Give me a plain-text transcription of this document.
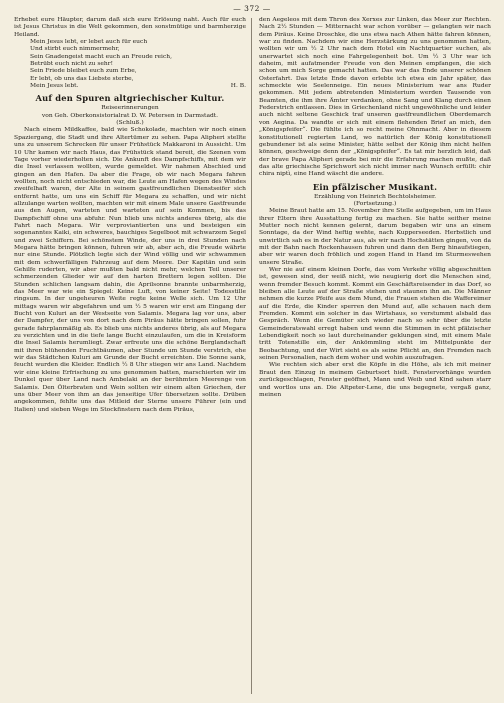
— 372 —

Erhebet eure Häupter, darum daß sich eure Erlösung naht. Auch für euch ist Jesus Christus in die Welt gekommen, den sonstmütige und barmherzige Heiland.

Mein Jesus lebt, er lebet auch für euch
Und stirbt euch nimmermehr,
Sein Gnadengeist macht euch an Freude reich,
Betrübt euch nicht zu sehr!
Sein Friede bleibet euch zum Erbe,
Er lebt, ob uns das Liebste sterbe,
Mein Jesus lebt.	H. B.
Auf den Spuren altgriechischer Kultur.
Reiseerinnerungen
von Geh. Oberkonsistorialrat D. W. Petersen in Darmstadt.
(Schluß.)

Nach einem Mildkaffee, bald wie Schokolade, machten wir noch einen Spaziergang, die Stadt und ihre Altertümer zu sehen. Papa Alipheri stellte uns zu unserem Schrecken für unser Frühstück Makkaroni in Aussicht. Um 10 Uhr kamen wir nach Haus, das Frühstück stand bereit, die Szenen vom Tage vorher wiederholten sich. Die Ankunft des Dampfschiffs, mit dem wir die Insel verlassen wollten, wurde gemeldet. Wir nahmen Abschied und gingen an den Hafen. Da aber die Frage, ob wir nach Megara fahren wollten, noch nicht entschieden war, die Leute am Hafen wegen des Windes zweifelhaft waren, der Alte in seinem gastfreundlichen Dienstseifer sich entfernt hatte, um uns ein Schiff für Megara zu schaffen, und wir nicht allzulange warten wollten, machten wir mit einem Male unsere Gastfreunde aus den Augen, warteten und warteten auf sein Kommen, bis das Dampfschiff ohne uns abfuhr. Nun blieb uns nichts anderes übrig, als die Fahrt nach Megara. Wir verproviantierten uns und besteigen ein sogenanntes Kaiki, ein schweres, bauchiges Segelboot mit schwarzem Segel und zwei Schiffern. Bei schönstem Winde, der uns in drei Stunden nach Megara hätte bringen können, fuhren wir ab, aber ach, die Freude währte nur eine Stunde. Plötzlich legte sich der Wind völlig und wir schwammen mit dem schwerfälligen Fahrzeug auf dem Meere. Der Kapitän und sein Gehilfe ruderten, wir aber mußten bald nicht mehr, welchen Teil unserer schmerzenden Glieder wir auf den harten Brettern legen sollten. Die Stunden schlichen langsam dahin, die Aprilsonne brannte unbarmherzig, das Meer war wie ein Spiegel: Keine Luft, von keiner Seite! Todesstille ringsum. In der ungeheuren Weite regte keine Welle sich. Um 12 Uhr mittags waren wir abgefahren und um ½ 5 waren wir erst am Eingang der Bucht von Kuluri an der Westseite von Salamis. Megara lag vor uns, aber der Dampfer, der uns von dort nach dem Piräus hätte bringen sollen, fuhr gerade fahrplanmäßig ab. Es blieb uns nichts anderes übrig, als auf Megara zu verzichten und in die tiefe lange Bucht einzulaufen, um die in Kreisform die Insel Salamis herumliegt. Zwar erfreute uns die schöne Berglandschaft mit ihren blühenden Fruchtbäumen, aber Stunde um Stunde verstrich, ehe wir das Städtchen Kuluri am Grunde der Bucht erreichten. Die Sonne sank, feucht wurden die Kleider. Endlich ½ 8 Uhr stiegen wir ans Land. Nachdem wir eine kleine Erfrischung zu uns genommen hatten, marschierten wir im Dunkel quer über Land nach Ambelaki an der berühmten Meerenge von Salamis. Den Ölterbraten und Wein sollten wir einem alten Griechen, der uns über Meer von ihm an das jenseitige Ufer übersetzen sollte. Drüben angekommen, fehlte uns das Mitleid der Sterne unsere Führer (ein und Italien) und sieben Wege im Stockfinstern nach dem Piräus,

den Aegeleos mit dem Thron des Xerxes zur Linken, das Meer zur Rechten. Nach 2½ Stunden — Mitternacht war schon vorüber — gelangten wir nach dem Piräus. Keine Droschke, die uns etwa nach Athen hätte fahren können, war zu finden. Nachdem wir eine Herzstärkung zu uns genommen hatten, wollten wir um ½ 2 Uhr nach dem Hotel ein Nachtquartier suchen, als unerwartet sich noch eine Fahrgelegenheit bot. Um ½ 3 Uhr war ich daheim, mit aufatmender Freude von den Meinen empfangen, die sich schon um mich Sorge gemacht hatten. Das war das Ende unserer schönen Osterfahrt. Das letzte Ende davon erlebte ich etwa ein Jahr später, das schmeckte wie Seelenneige. Ein neues Ministerium war ans Ruder gekommen. Mit jedem abtretenden Ministerium werden Tausende von Beamten, die ihm ihre Ämter verdanken, ohne Sang und Klang durch einen Federstrich entlassen. Dies in Griechenland nicht ungewöhnliche und leider auch nicht seltene Geschick traf unseren gastfreundlichen Oberdemarch von Aegina. Da wandte er sich mit einem flehenden Brief an mich, den „Königspfeifer“. Die fühlte ich so recht meine Ohnmacht. Aber in diesem konstitutionell regierten Land, wo natürlich der König konstitutionell gebundener ist als seine Minister, hätte selbst der König ihm nicht helfen können, geschweige denn der „Königspfeifer“. Es tat mir herzlich leid, daß der brave Papa Alipheri gerade bei mir die Erfahrung machen mußte, daß das alte griechische Sprichwort sich nicht immer nach Wunsch erfüllt: chir chira niptì, eine Hand wäscht die andere.

Ein pfälzischer Musikant.
Erzählung von Heinrich Bechtolsheimer.
(Fortsetzung.)

Meine Braut hatte am 15. November ihre Stelle aufgegeben, um im Haus ihrer Eltern ihre Ausstattung fertig zu machen. Sie hatte seither meine Mutter noch nicht kennen gelernt, darum begaben wir uns an einem Sonntage, da der Wind heftig wehte, nach Kupperseeden. Herbstlich und unwirtlich sah es in der Natur aus, als wir nach Hochstätten gingen, von da mit der Bahn nach Rockenhausen fuhren und dann den Berg hinaufstiegen, aber wir waren doch fröhlich und zogen Hand in Hand im Sturmeswehen unsere Straße.

Wer nie auf einem kleinen Dorfe, das vom Verkehr völlig abgeschnitten ist, gewesen sind, der weiß nicht, wie neugierig dort die Menschen sind, wenn fremder Besuch kommt. Kommt ein Geschäftsreisender in das Dorf, so bleiben alle Leute auf der Straße stehen und staunen ihn an. Die Männer nehmen die kurze Pfeife aus dem Mund, die Frauen stehen die Waffereimer auf die Erde, die Kinder sperren den Mund auf, alle schauen nach dem Fremden. Kommt ein solcher in das Wirtshaus, so verstummt alsbald das Gespräch. Wenn die Gemüter sich wieder nach so sehr über die letzte Gemeinderatswahl erregt haben und wenn die Stimmen in echt pfälzischer Lebendigkeit noch so laut durcheinander geklungen sind, mit einem Male tritt Totenstille ein, der Ankömmling steht im Mittelpunkte der Beobachtung, und der Wirt sieht es als seine Pflicht an, den Fremden nach seinen Personalien, nach dem woher und wohin auszufragen.

Wie rechten sich aber erst die Köpfe in die Höhe, als ich mit meiner Braut den Einzug in meinem Geburtsort hielt. Fenstervorhänge wurden zurückgeschlagen, Fenster geöffnet, Mann und Weib und Kind sahen starr und wortlos uns an. Die Altpeter-Lene, die uns begegnete, vergaß ganz, meinen
